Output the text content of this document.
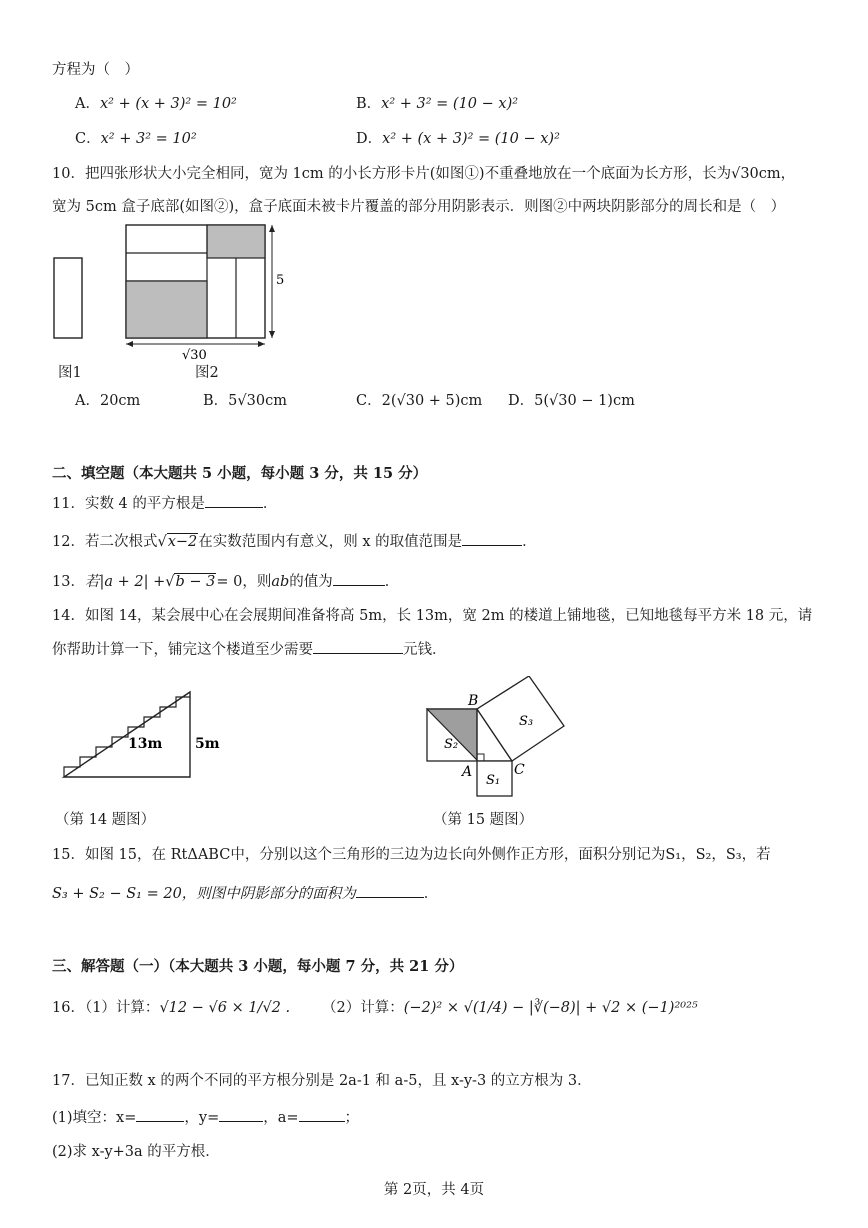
方程为（　）
A．x² + (x + 3)² = 10²	B．x² + 3² = (10 − x)²
C．x² + 3² = 10²	D．x² + (x + 3)² = (10 − x)²
10．把四张形状大小完全相同，宽为 1cm 的小长方形卡片(如图①)不重叠地放在一个底面为长方形，长为√30cm，
宽为 5cm 盒子底部(如图②)，盒子底面未被卡片覆盖的部分用阴影表示．则图②中两块阴影部分的周长和是（　）
5
√30
图1	图2
A．20cm	B．5√30cm	C．2(√30 + 5)cm D．5(√30 − 1)cm
二、填空题（本大题共 5 小题，每小题 3 分，共 15 分）
11．实数 4 的平方根是	．
12．若二次根式√x−2在实数范围内有意义，则 x 的取值范围是	．
13．若|a + 2| +√b − 3= 0，则ab的值为	．
14．如图 14，某会展中心在会展期间准备将高 5m，长 13m，宽 2m 的楼道上铺地毯，已知地毯每平方米 18 元，请
你帮助计算一下，铺完这个楼道至少需要	元钱．
13m 5m
（第 14 题图）
B
A	C
S₁
S₂
S₃
（第 15 题图）
15．如图 15，在 RtΔABC中，分别以这个三角形的三边为边长向外侧作正方形，面积分别记为S₁，S₂，S₃，若
S₃ + S₂ − S₁ = 20，则图中阴影部分的面积为	．
三、解答题（一）（本大题共 3 小题，每小题 7 分，共 21 分）
16．（1）计算：√12 − √6 × 1/√2 . （2）计算：(−2)² × √(1/4) − |∛(−8)| + √2 × (−1)²⁰²⁵
17．已知正数 x 的两个不同的平方根分别是 2a-1 和 a-5，且 x-y-3 的立方根为 3．
(1)填空：x=	，y=	，a=	；
(2)求 x-y+3a 的平方根．
第 2页，共 4页
